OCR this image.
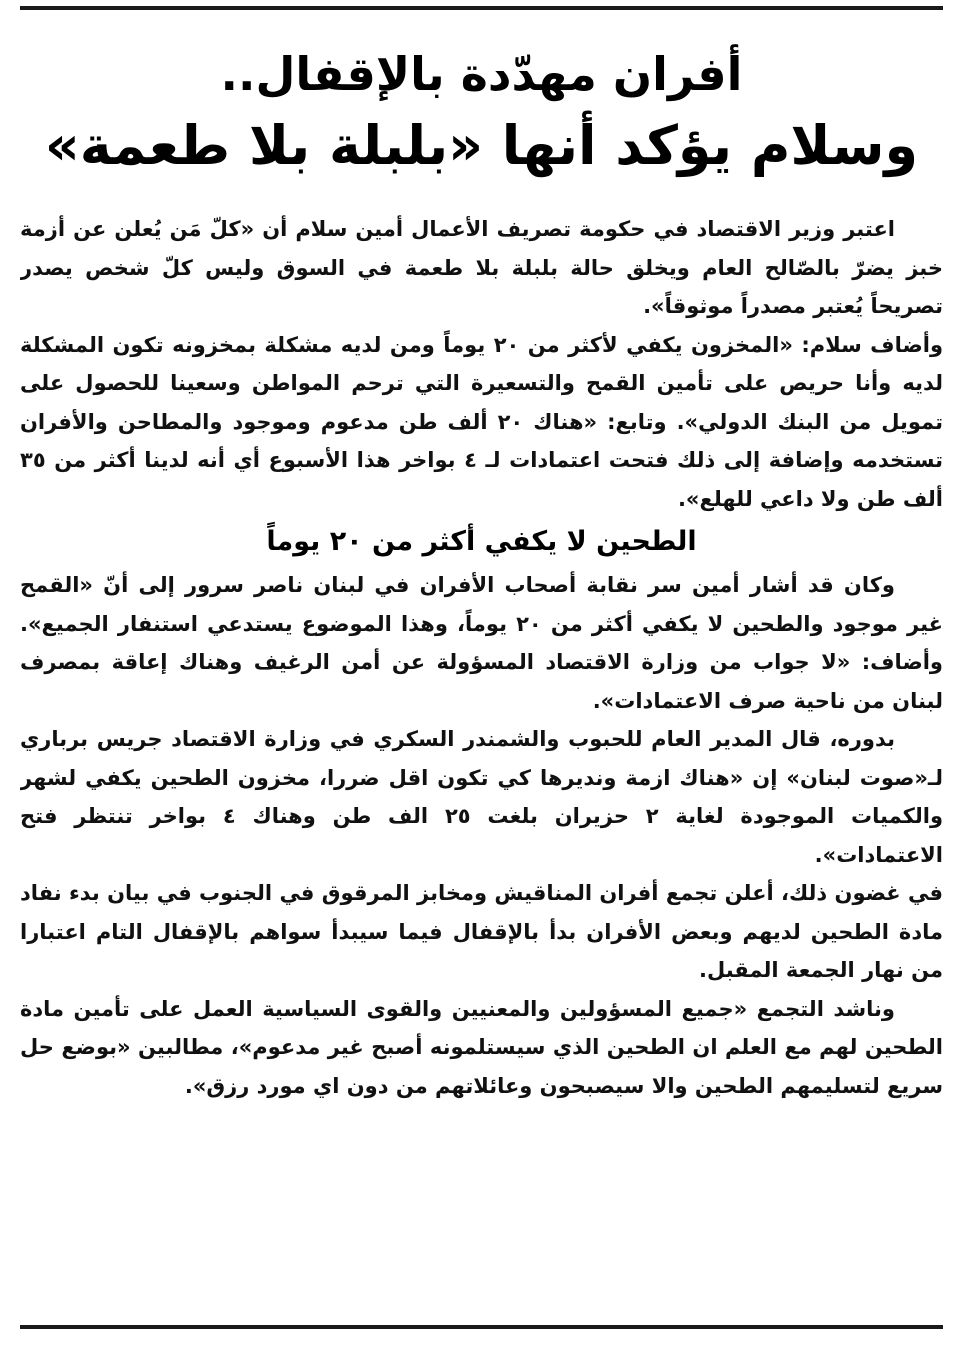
أفران مهدّدة بالإقفال..
وسلام يؤكد أنها «بلبلة بلا طعمة»

اعتبر وزير الاقتصاد في حكومة تصريف الأعمال أمين سلام أن «كلّ مَن يُعلن عن أزمة خبز يضرّ بالصّالح العام ويخلق حالة بلبلة بلا طعمة في السوق وليس كلّ شخص يصدر تصريحاً يُعتبر مصدراً موثوقاً».

وأضاف سلام: «المخزون يكفي لأكثر من ٢٠ يوماً ومن لديه مشكلة بمخزونه تكون المشكلة لديه وأنا حريص على تأمين القمح والتسعيرة التي ترحم المواطن وسعينا للحصول على تمويل من البنك الدولي». وتابع: «هناك ٢٠ ألف طن مدعوم وموجود والمطاحن والأفران تستخدمه وإضافة إلى ذلك فتحت اعتمادات لـ ٤ بواخر هذا الأسبوع أي أنه لدينا أكثر من ٣٥ ألف طن ولا داعي للهلع».

الطحين لا يكفي أكثر من ٢٠ يوماً

وكان قد أشار أمين سر نقابة أصحاب الأفران في لبنان ناصر سرور إلى أنّ «القمح غير موجود والطحين لا يكفي أكثر من ٢٠ يوماً، وهذا الموضوع يستدعي استنفار الجميع». وأضاف: «لا جواب من وزارة الاقتصاد المسؤولة عن أمن الرغيف وهناك إعاقة بمصرف لبنان من ناحية صرف الاعتمادات».

بدوره، قال المدير العام للحبوب والشمندر السكري في وزارة الاقتصاد جريس برباري لـ«صوت لبنان» إن «هناك ازمة ونديرها كي تكون اقل ضررا، مخزون الطحين يكفي لشهر والكميات الموجودة لغاية ٢ حزيران بلغت ٢٥ الف طن وهناك ٤ بواخر تنتظر فتح الاعتمادات».

في غضون ذلك، أعلن تجمع أفران المناقيش ومخابز المرقوق في الجنوب في بيان بدء نفاد مادة الطحين لديهم وبعض الأفران بدأ بالإقفال فيما سيبدأ سواهم بالإقفال التام اعتبارا من نهار الجمعة المقبل.

وناشد التجمع «جميع المسؤولين والمعنيين والقوى السياسية العمل على تأمين مادة الطحين لهم مع العلم ان الطحين الذي سيستلمونه أصبح غير مدعوم»، مطالبين «بوضع حل سريع لتسليمهم الطحين والا سيصبحون وعائلاتهم من دون اي مورد رزق».
